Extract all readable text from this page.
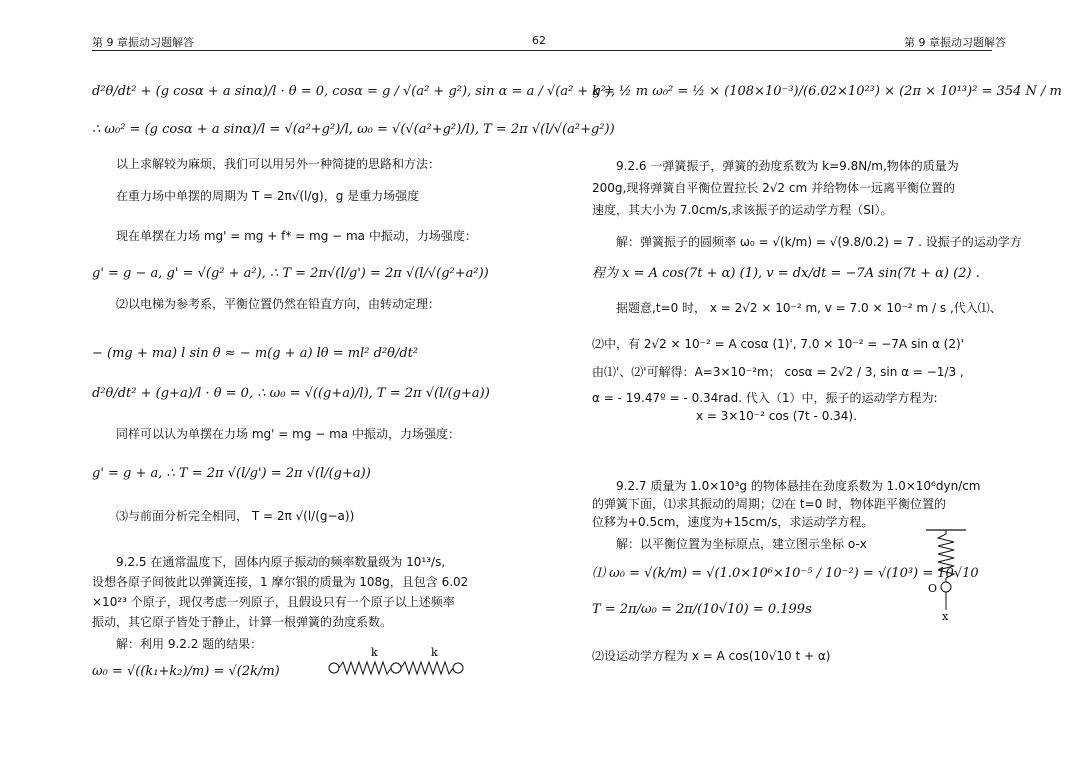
第 9 章振动习题解答	62	第 9 章振动习题解答
d²θ/dt² + (g cosα + a sinα)/l · θ = 0, cosα = g / √(a² + g²), sin α = a / √(a² + g²),
∴ ω₀² = (g cosα + a sinα)/l = √(a²+g²)/l, ω₀ = √(√(a²+g²)/l), T = 2π √(l/√(a²+g²))
以上求解较为麻烦，我们可以用另外一种简捷的思路和方法：
在重力场中单摆的周期为 T = 2π√(l/g)，g 是重力场强度
现在单摆在力场 mg' = mg + f* = mg − ma 中振动，力场强度：
g' = g − a, g' = √(g² + a²), ∴ T = 2π√(l/g') = 2π √(l/√(g²+a²))
⑵以电梯为参考系，平衡位置仍然在铅直方向，由转动定理：
− (mg + ma) l sin θ ≈ − m(g + a) lθ = ml² d²θ/dt²
d²θ/dt² + (g+a)/l · θ = 0, ∴ ω₀ = √((g+a)/l), T = 2π √(l/(g+a))
同样可以认为单摆在力场 mg' = mg − ma 中振动，力场强度：
g' = g + a, ∴ T = 2π √(l/g') = 2π √(l/(g+a))
⑶与前面分析完全相同， T = 2π √(l/(g−a))
9.2.5 在通常温度下，固体内原子振动的频率数量级为 10¹³/s,
设想各原子间彼此以弹簧连接，1 摩尔银的质量为 108g，且包含 6.02
×10²³ 个原子，现仅考虑一列原子，且假设只有一个原子以上述频率
振动，其它原子皆处于静止，计算一根弹簧的劲度系数。
解：利用 9.2.2 题的结果：
ω₀ = √((k₁+k₂)/m) = √(2k/m)
k	k
k = ½ m ω₀² = ½ × (108×10⁻³)/(6.02×10²³) × (2π × 10¹³)² = 354 N / m
9.2.6 一弹簧振子，弹簧的劲度系数为 k=9.8N/m,物体的质量为
200g,现将弹簧自平衡位置拉长 2√2 cm 并给物体一远离平衡位置的
速度，其大小为 7.0cm/s,求该振子的运动学方程（SI）。
解：弹簧振子的圆频率 ω₀ = √(k/m) = √(9.8/0.2) = 7 . 设振子的运动学方
程为 x = A cos(7t + α) (1), v = dx/dt = −7A sin(7t + α) (2) .
据题意,t=0 时， x = 2√2 × 10⁻² m, v = 7.0 × 10⁻² m / s ,代入⑴、
⑵中，有 2√2 × 10⁻² = A cosα (1)', 7.0 × 10⁻² = −7A sin α (2)'
由⑴'、⑵'可解得：A=3×10⁻²m； cosα = 2√2 / 3, sin α = −1/3 ,
α = - 19.47º = - 0.34rad. 代入（1）中，振子的运动学方程为:
x = 3×10⁻² cos (7t - 0.34).
9.2.7 质量为 1.0×10³g 的物体悬挂在劲度系数为 1.0×10⁶dyn/cm
的弹簧下面，⑴求其振动的周期；⑵在 t=0 时，物体距平衡位置的
位移为+0.5cm，速度为+15cm/s，求运动学方程。
解：以平衡位置为坐标原点，建立图示坐标 o-x
⑴ ω₀ = √(k/m) = √(1.0×10⁶×10⁻⁵ / 10⁻²) = √(10³) = 10√10
T = 2π/ω₀ = 2π/(10√10) = 0.199s
⑵设运动学方程为 x = A cos(10√10 t + α)
O
x
